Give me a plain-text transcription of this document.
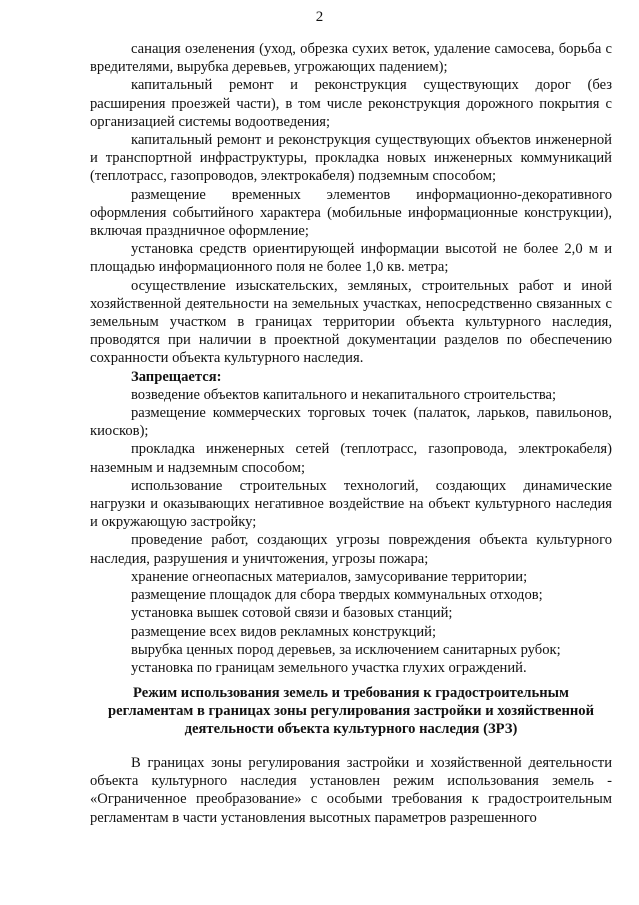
2

санация озеленения (уход, обрезка сухих веток, удаление самосева, борьба с вредителями, вырубка деревьев, угрожающих падением);

капитальный ремонт и реконструкция существующих дорог (без расширения проезжей части), в том числе реконструкция дорожного покрытия с организацией системы водоотведения;

капитальный ремонт и реконструкция существующих объектов инженерной и транспортной инфраструктуры, прокладка новых инженерных коммуникаций (теплотрасс, газопроводов, электрокабеля) подземным способом;

размещение временных элементов информационно-декоративного оформления событийного характера (мобильные информационные конструкции), включая праздничное оформление;

установка средств ориентирующей информации высотой не более 2,0 м и площадью информационного поля не более 1,0 кв. метра;

осуществление изыскательских, земляных, строительных работ и иной хозяйственной деятельности на земельных участках, непосредственно связанных с земельным участком в границах территории объекта культурного наследия, проводятся при наличии в проектной документации разделов по обеспечению сохранности объекта культурного наследия.

Запрещается:

возведение объектов капитального и некапитального строительства;

размещение коммерческих торговых точек (палаток, ларьков, павильонов, киосков);

прокладка инженерных сетей (теплотрасс, газопровода, электрокабеля) наземным и надземным способом;

использование строительных технологий, создающих динамические нагрузки и оказывающих негативное воздействие на объект культурного наследия и окружающую застройку;

проведение работ, создающих угрозы повреждения объекта культурного наследия, разрушения и уничтожения, угрозы пожара;

хранение огнеопасных материалов, замусоривание территории;

размещение площадок для сбора твердых коммунальных отходов;

установка вышек сотовой связи и базовых станций;

размещение всех видов рекламных конструкций;

вырубка ценных пород деревьев, за исключением санитарных рубок;

установка по границам земельного участка глухих ограждений.

Режим использования земель и требования к градостроительным
регламентам в границах зоны регулирования застройки и хозяйственной
деятельности объекта культурного наследия (ЗРЗ)

В границах зоны регулирования застройки и хозяйственной деятельности объекта культурного наследия установлен режим использования земель - «Ограниченное преобразование» с особыми требования к градостроительным регламентам в части установления высотных параметров разрешенного
